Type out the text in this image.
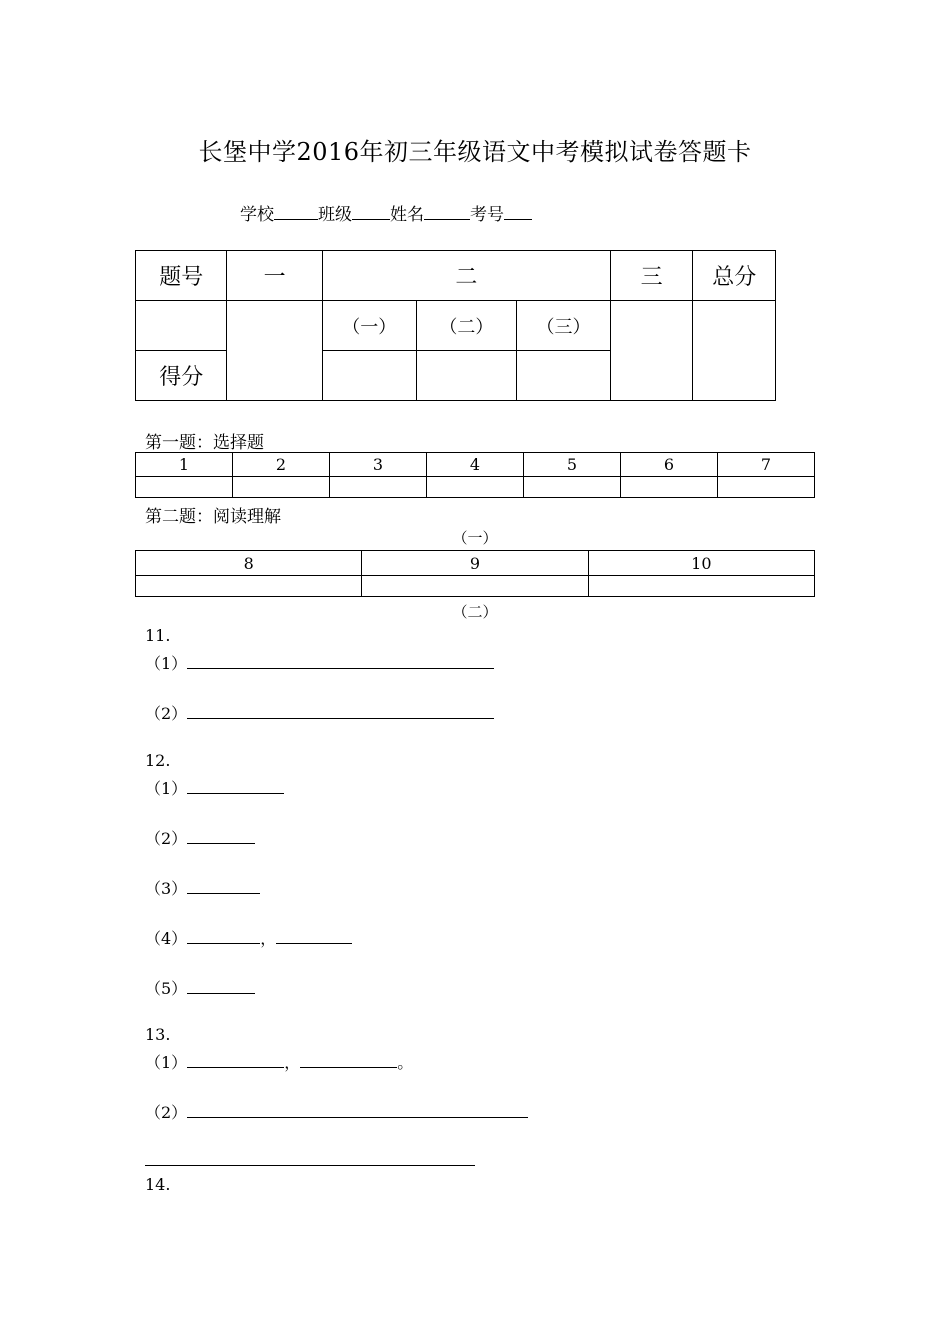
长堡中学2016年初三年级语文中考模拟试卷答题卡
学校	班级 姓名	考号
题号	一	二			三	总分
		（一）	（二）	（三）		
得分						
第一题：选择题
1	2	3	4	5	6	7

第二题：阅读理解
（一）
8	9	10

（二）
11.
（1）
（2）
12.
（1）
（2）
（3）
（4）	，
（5）
13.
（1）	，	。
（2）
14.
